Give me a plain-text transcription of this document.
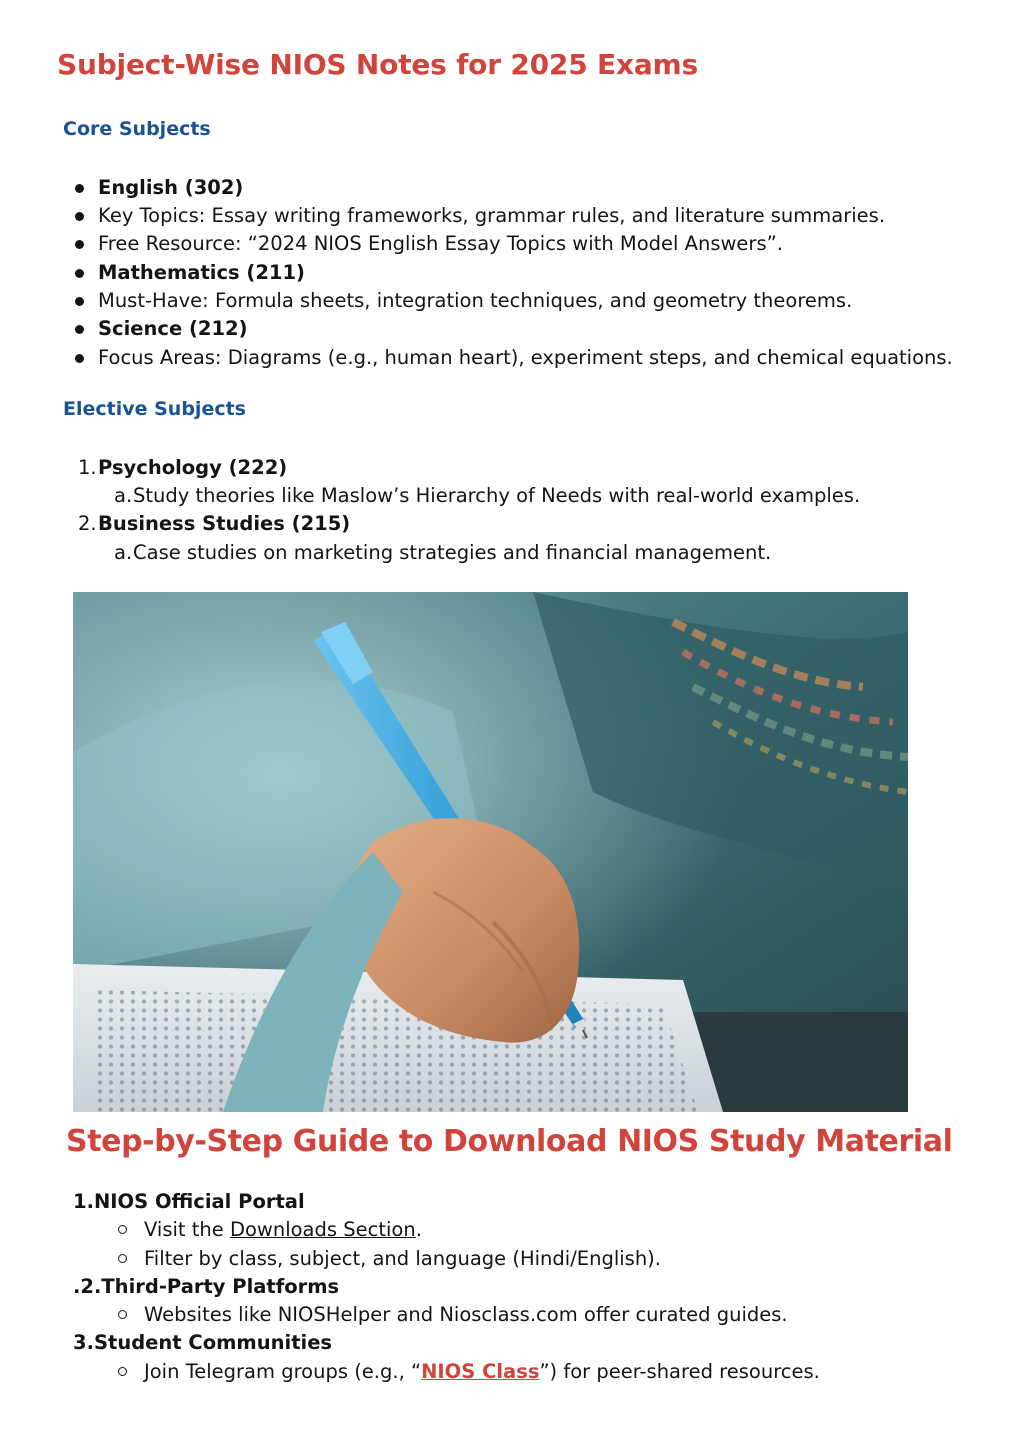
Subject-Wise NIOS Notes for 2025 Exams
Core Subjects
English (302)
Key Topics: Essay writing frameworks, grammar rules, and literature summaries.
Free Resource: “2024 NIOS English Essay Topics with Model Answers”.
Mathematics (211)
Must-Have: Formula sheets, integration techniques, and geometry theorems.
Science (212)
Focus Areas: Diagrams (e.g., human heart), experiment steps, and chemical equations.
Elective Subjects
1. Psychology (222)
a. Study theories like Maslow’s Hierarchy of Needs with real-world examples.
2. Business Studies (215)
a. Case studies on marketing strategies and financial management.
Step-by-Step Guide to Download NIOS Study Material
1.NIOS Official Portal
Visit the Downloads Section.
Filter by class, subject, and language (Hindi/English).
.2.Third-Party Platforms
Websites like NIOSHelper and Niosclass.com offer curated guides.
3.Student Communities
Join Telegram groups (e.g., “NIOS Class”) for peer-shared resources.
